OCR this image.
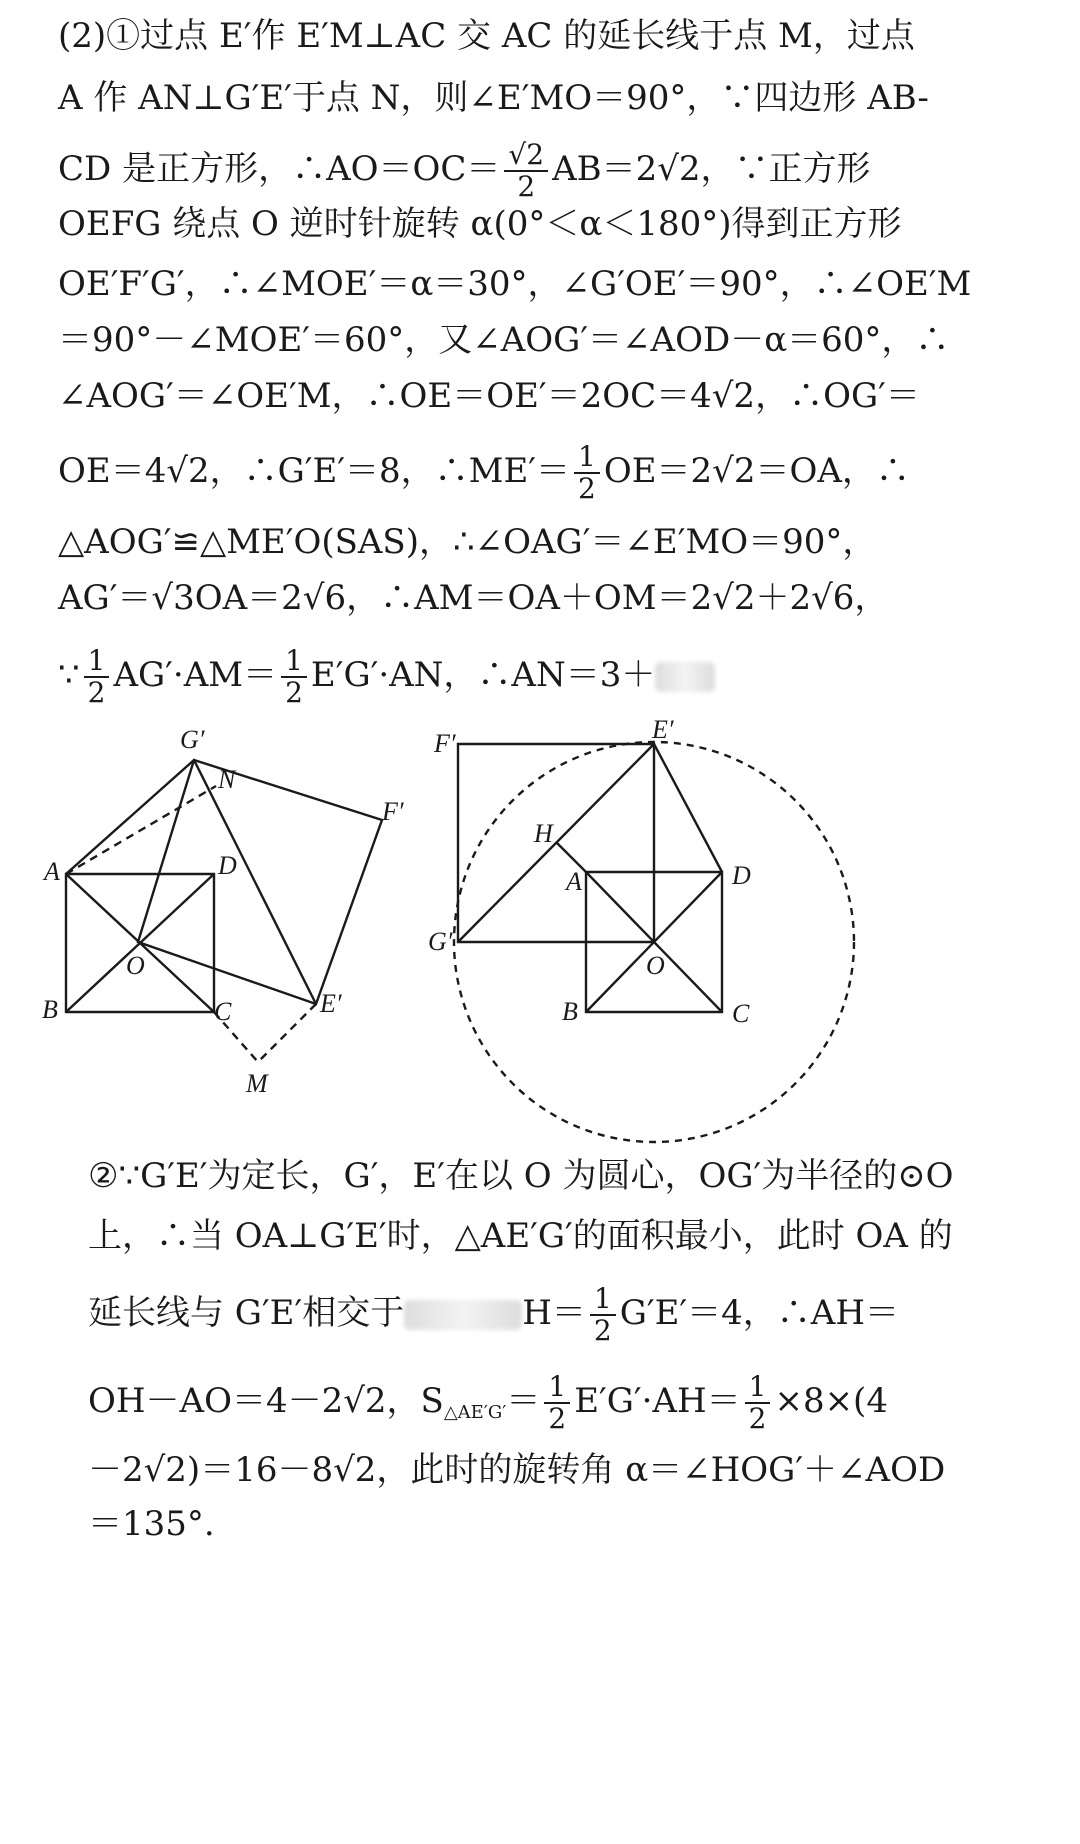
(2)①过点 E′作 E′M⊥AC 交 AC 的延长线于点 M，过点
A 作 AN⊥G′E′于点 N，则∠E′MO＝90°，∵四边形 AB-
CD 是正方形，∴AO＝OC＝ $\frac{√2}{2} AB=2√2$，∵正方形
OEFG 绕点 O 逆时针旋转 α(0°＜α＜180°)得到正方形
OE′F′G′，∴∠MOE′＝α＝30°，∠G′OE′＝90°，∴∠OE′M
＝90°－∠MOE′＝60°，又∠AOG′＝∠AOD－α＝60°，∴
∠AOG′＝∠OE′M，∴OE＝OE′＝2OC＝4√2，∴OG′＝
OE＝4√2，∴G′E′＝8，∴ME′＝ $\frac{1}{2} OE=2√2=OA$，∴
△AOG′≌△ME′O(SAS)，∴∠OAG′＝∠E′MO＝90°，
AG′＝√3OA＝2√6，∴AM＝OA＋OM＝2√2＋2√6，
∵ $\frac{1}{2} AG'\cdot AM= \frac{1}{2} E'G'\cdot AN$，∴AN＝3＋
G′
N
F′
A	D
O
B	C	E′
M
F′	E′
H
A	D
G′
O
B	C
②∵G′E′为定长，G′，E′在以 O 为圆心，OG′为半径的⊙O
上，∴当 OA⊥G′E′时，△AE′G′的面积最小，此时 OA 的
延长线与 G′E′相交于	$H= \frac{1}{2} G'E'=4$，∴AH＝
OH－AO＝4－2√2，$S_{\triangle AE'G'}= \frac{1}{2} E'G'\cdot AH= \frac{1}{2} \times 8\times(4$
－2√2)＝16－8√2，此时的旋转角 α＝∠HOG′＋∠AOD
＝135°.
